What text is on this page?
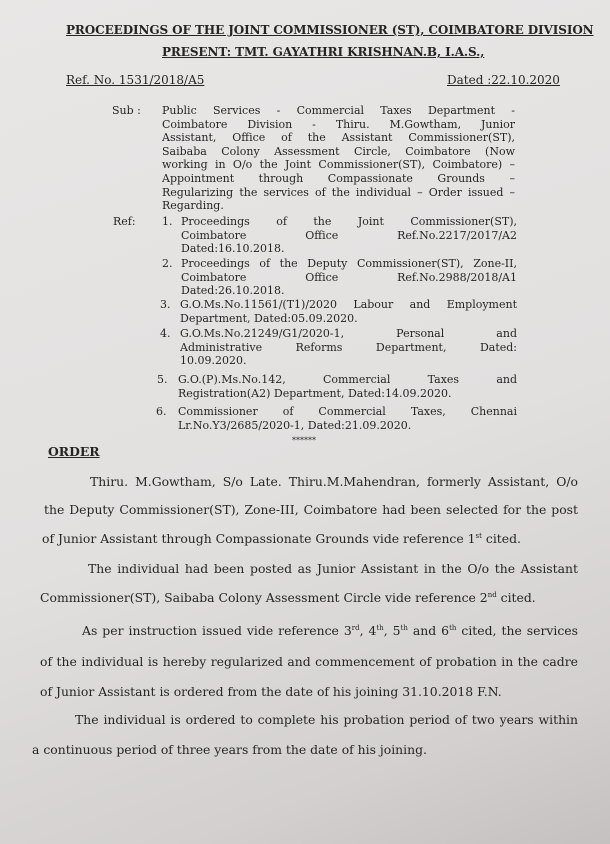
PROCEEDINGS OF THE JOINT COMMISSIONER (ST), COIMBATORE DIVISION
PRESENT: TMT. GAYATHRI KRISHNAN.B, I.A.S.,
Ref. No. 1531/2018/A5	Dated :22.10.2020
Sub : Public Services - Commercial Taxes Department -
Coimbatore Division - Thiru. M.Gowtham, Junior
Assistant, Office of the Assistant Commissioner(ST),
Saibaba Colony Assessment Circle, Coimbatore (Now
working in O/o the Joint Commissioner(ST), Coimbatore) –
Appointment through Compassionate Grounds –
Regularizing the services of the individual – Order issued –
Regarding.
Ref: 1. Proceedings of the Joint Commissioner(ST),
Coimbatore Office Ref.No.2217/2017/A2
Dated:16.10.2018.
2. Proceedings of the Deputy Commissioner(ST), Zone-II,
Coimbatore Office Ref.No.2988/2018/A1
Dated:26.10.2018.
3. G.O.Ms.No.11561/(T1)/2020 Labour and Employment
Department, Dated:05.09.2020.
4. G.O.Ms.No.21249/G1/2020-1, Personal and
Administrative Reforms Department, Dated:
10.09.2020.
5. G.O.(P).Ms.No.142, Commercial Taxes and
Registration(A2) Department, Dated:14.09.2020.
6. Commissioner of Commercial Taxes, Chennai
Lr.No.Y3/2685/2020-1, Dated:21.09.2020.
******
ORDER
Thiru. M.Gowtham, S/o Late. Thiru.M.Mahendran, formerly Assistant, O/o
the Deputy Commissioner(ST), Zone-III, Coimbatore had been selected for the post
of Junior Assistant through Compassionate Grounds vide reference 1st cited.
The individual had been posted as Junior Assistant in the O/o the Assistant
Commissioner(ST), Saibaba Colony Assessment Circle vide reference 2nd cited.
As per instruction issued vide reference 3rd, 4th, 5th and 6th cited, the services
of the individual is hereby regularized and commencement of probation in the cadre
of Junior Assistant is ordered from the date of his joining 31.10.2018 F.N.
The individual is ordered to complete his probation period of two years within
a continuous period of three years from the date of his joining.
